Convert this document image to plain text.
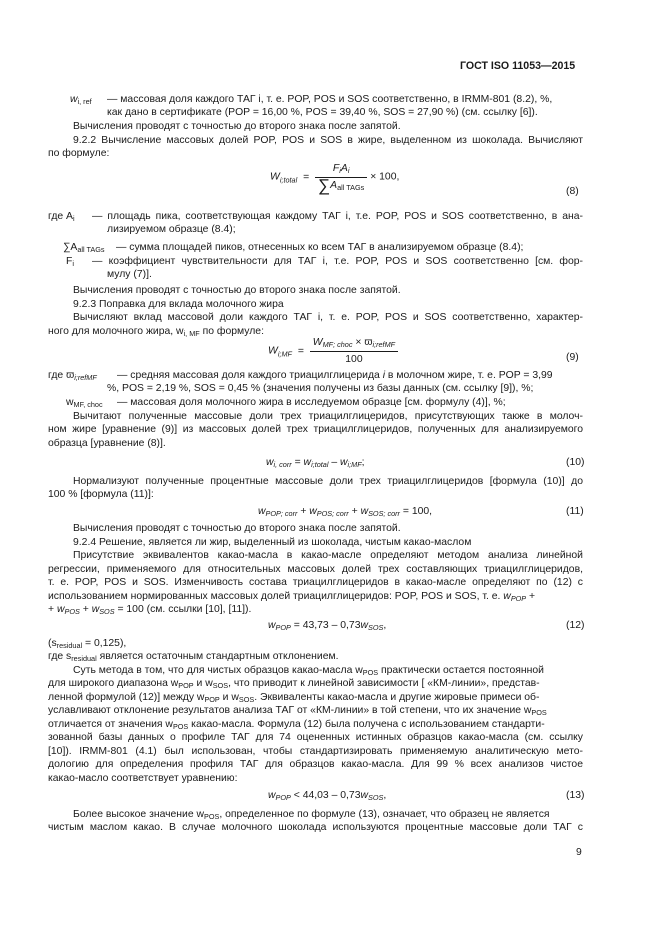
ГОСТ ISO 11053—2015
$w_{i, ref}$ — массовая доля каждого ТАГ i, т. е. POP, POS и SOS соответственно, в IRMM-801 (8.2), %,
как дано в сертификате (POP = 16,00 %, POS = 39,40 %, SOS = 27,90 %) (см. ссылку [6]).
Вычисления проводят с точностью до второго знака после запятой.
9.2.2 Вычисление массовых долей POP, POS и SOS в жире, выделенном из шоколада. Вычисляют
по формуле:
$W_{i;total} = \frac{F_iA_i}{\sum A_{all TAGs}} \times 100$,
(8)
где $A_i$ — площадь пика, соответствующая каждому ТАГ i, т.е. POP, POS и SOS соответственно, в ана-
лизируемом образце (8.4);
$\sum A_{all TAGs}$ — сумма площадей пиков, отнесенных ко всем ТАГ в анализируемом образце (8.4);
$F_i$ — коэффициент чувствительности для ТАГ i, т.е. POP, POS и SOS соответственно [см. фор-
мулу (7)].
Вычисления проводят с точностью до второго знака после запятой.
9.2.3 Поправка для вклада молочного жира
Вычисляют вклад массовой доли каждого ТАГ i, т. е. POP, POS и SOS соответственно, характер-
ного для молочного жира, $w_{i, MF}$ по формуле:
$W_{i;MF} = \frac{W_{MF; choc} \times ϖ_{i;refMF}}{100}$	(9)
где $ϖ_{i;refMF}$ — средняя массовая доля каждого триацилглицерида i в молочном жире, т. е. POP = 3,99
%, POS = 2,19 %, SOS = 0,45 % (значения получены из базы данных (см. ссылку [9]), %;
$w_{MF, choc}$ — массовая доля молочного жира в исследуемом образце [см. формулу (4)], %;
Вычитают полученные массовые доли трех триацилглицеридов, присутствующих также в молоч-
ном жире [уравнение (9)] из массовых долей трех триацилглицеридов, полученных для анализируемого
образца [уравнение (8)].
$w_{i, corr} = w_{i;total} - w_{i;MF}$;	(10)
Нормализуют полученные процентные массовые доли трех триацилглицеридов [формула (10)] до
100 % [формула (11)]:
$w_{POP; corr} + w_{POS; corr} + w_{SOS; corr} = 100$,	(11)
Вычисления проводят с точностью до второго знака после запятой.
9.2.4 Решение, является ли жир, выделенный из шоколада, чистым какао-маслом
Присутствие эквивалентов какао-масла в какао-масле определяют методом анализа линейной
регрессии, применяемого для относительных массовых долей трех составляющих триацилглицеридов,
т. е. POP, POS и SOS. Изменчивость состава триацилглицеридов в какао-масле определяют по (12) с
использованием нормированных массовых долей триацилглицеридов: POP, POS и SOS, т. е. $w_{POP}$ +
+ $w_{POS} + w_{SOS} = 100$ (см. ссылки [10], [11]).
$w_{POP} = 43,73 - 0,73w_{SOS}$,	(12)
$(s_{residual} = 0,125)$,
где $s_{residual}$ является остаточным стандартным отклонением.
Суть метода в том, что для чистых образцов какао-масла $w_{POS}$ практически остается постоянной
для широкого диапазона $w_{POP}$ и $w_{SOS}$, что приводит к линейной зависимости [ «КМ-линии», представ-
ленной формулой (12)] между $w_{POP}$ и $w_{SOS}$. Эквиваленты какао-масла и другие жировые примеси об-
уславливают отклонение результатов анализа ТАГ от «КМ-линии» в той степени, что их значение $w_{POS}$
отличается от значения $w_{POS}$ какао-масла. Формула (12) была получена с использованием стандарти-
зованной базы данных о профиле ТАГ для 74 оцененных истинных образцов какао-масла (см. ссылку
[10]). IRMM-801 (4.1) был использован, чтобы стандартизировать применяемую аналитическую мето-
дологию для определения профиля ТАГ для образцов какао-масла. Для 99 % всех анализов чистое
какао-масло соответствует уравнению:
$w_{POP} < 44,03 - 0,73w_{SOS}$,	(13)
Более высокое значение $w_{POS}$, определенное по формуле (13), означает, что образец не является
чистым маслом какао. В случае молочного шоколада используются процентные массовые доли ТАГ с
9
